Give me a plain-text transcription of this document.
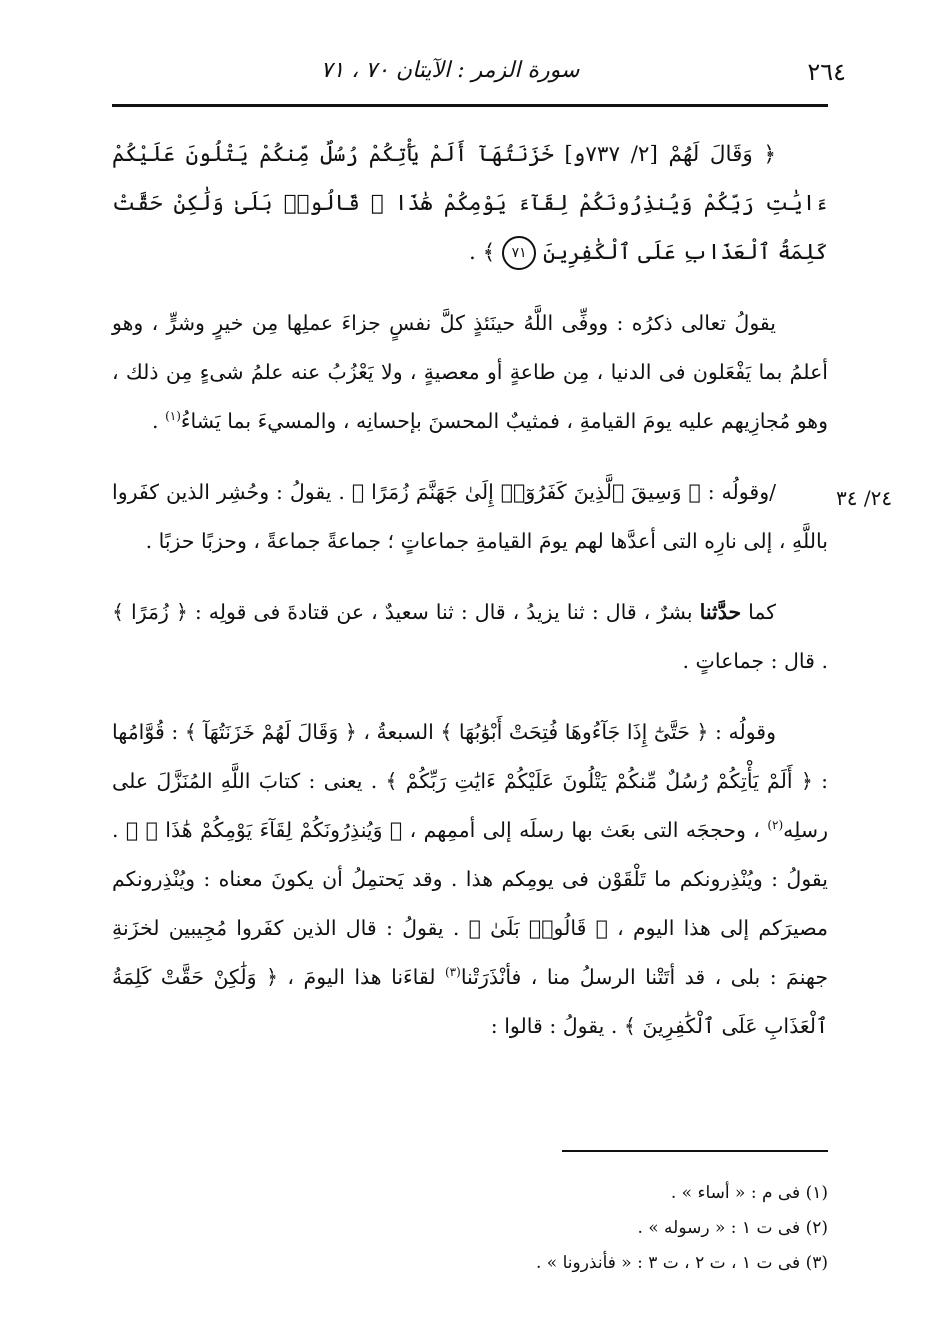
٢٦٤
سورة الزمر : الآيتان ٧٠ ، ٧١
٢٤/ ٣٤

﴿ وَقَالَ لَهُمْ [٢/ ٧٣٧و] خَزَنَتُهَآ أَلَمْ يَأْتِكُمْ رُسُلٌ مِّنكُمْ يَتْلُونَ عَلَيْكُمْ ءَايَٰتِ رَبِّكُمْ وَيُنذِرُونَكُمْ لِقَآءَ يَوْمِكُمْ هَٰذَا ۚ قَالُوا۟ بَلَىٰ وَلَٰكِنْ حَقَّتْ كَلِمَةُ ٱلْعَذَابِ عَلَى ٱلْكَٰفِرِينَ ٧١ ﴾ .

يقولُ تعالى ذكرُه : ووفِّى اللَّهُ حينَئذٍ كلَّ نفسٍ جزاءَ عملِها مِن خيرٍ وشرٍّ ، وهو أعلمُ بما يَفْعَلون فى الدنيا ، مِن طاعةٍ أو معصيةٍ ، ولا يَعْزُبُ عنه علمُ شىءٍ مِن ذلك ، وهو مُجازِيهم عليه يومَ القيامةِ ، فمثيبٌ المحسنَ بإحسانِه ، والمسيءَ بما يَشاءُ$^{(١)}$ .

/وقولُه : ﴿ وَسِيقَ ٱلَّذِينَ كَفَرُوٓا۟ إِلَىٰ جَهَنَّمَ زُمَرًا ﴾ . يقولُ : وحُشِر الذين كفَروا باللَّهِ ، إلى نارِه التى أعدَّها لهم يومَ القيامةِ جماعاتٍ ؛ جماعةً جماعةً ، وحزبًا حزبًا .

كما حدَّثنا بشرٌ ، قال : ثنا يزيدُ ، قال : ثنا سعيدٌ ، عن قتادةَ فى قولِه : ﴿ زُمَرًا ﴾ . قال : جماعاتٍ .

وقولُه : ﴿ حَتَّىٰٓ إِذَا جَآءُوهَا فُتِحَتْ أَبْوَٰبُهَا ﴾ السبعةُ ، ﴿ وَقَالَ لَهُمْ خَزَنَتُهَآ ﴾ : قُوَّامُها : ﴿ أَلَمْ يَأْتِكُمْ رُسُلٌ مِّنكُمْ يَتْلُونَ عَلَيْكُمْ ءَايَٰتِ رَبِّكُمْ ﴾ . يعنى : كتابَ اللَّهِ المُنَزَّلَ على رسلِه$^{(٢)}$ ، وحججَه التى بعَث بها رسلَه إلى أممِهم ، ﴿ وَيُنذِرُونَكُمْ لِقَآءَ يَوْمِكُمْ هَٰذَا ۚ ﴾ . يقولُ : ويُنْذِرونكم ما تَلْقَوْن فى يومِكم هذا . وقد يَحتمِلُ أن يكونَ معناه : ويُنْذِرونكم مصيرَكم إلى هذا اليوم ، ﴿ قَالُوا۟ بَلَىٰ ﴾ . يقولُ : قال الذين كفَروا مُجِيبين لخزَنةِ جهنمَ : بلى ، قد أتَتْنا الرسلُ منا ، فأنْذَرَتْنا$^{(٣)}$ لقاءَنا هذا اليومَ ، ﴿ وَلَٰكِنْ حَقَّتْ كَلِمَةُ ٱلْعَذَابِ عَلَى ٱلْكَٰفِرِينَ ﴾ . يقولُ : قالوا :

(١) فى م : « أساء » .

(٢) فى ت ١ : « رسوله » .

(٣) فى ت ١ ، ت ٢ ، ت ٣ : « فأنذرونا » .
